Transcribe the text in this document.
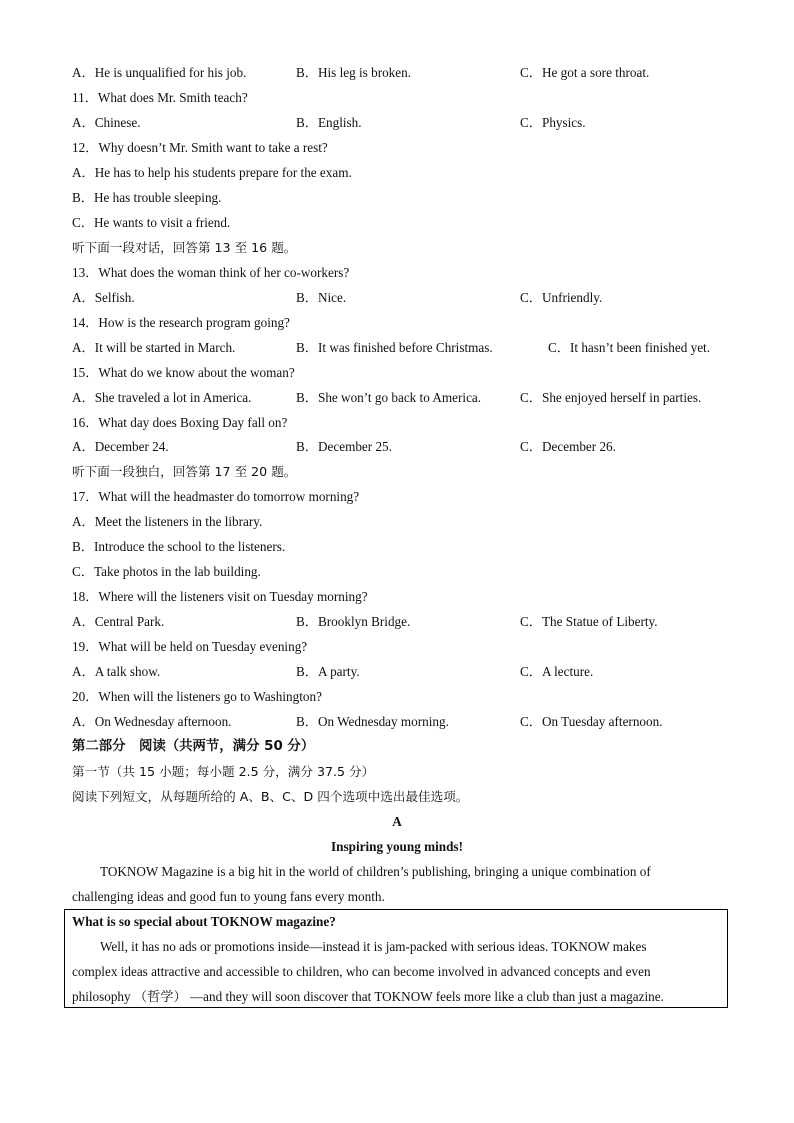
A．He is unqualified for his job.	B．His leg is broken.	C．He got a sore throat.
11．What does Mr. Smith teach?
A．Chinese.	B．English.	C．Physics.
12．Why doesn’t Mr. Smith want to take a rest?
A．He has to help his students prepare for the exam.
B．He has trouble sleeping.
C．He wants to visit a friend.
听下面一段对话，回答第 13 至 16 题。
13．What does the woman think of her co-workers?
A．Selfish.	B．Nice.	C．Unfriendly.
14．How is the research program going?
A．It will be started in March.	B．It was finished before Christmas.	C．It hasn’t been finished yet.
15．What do we know about the woman?
A．She traveled a lot in America.	B．She won’t go back to America.	C．She enjoyed herself in parties.
16．What day does Boxing Day fall on?
A．December 24.	B．December 25.	C．December 26.
听下面一段独白，回答第 17 至 20 题。
17．What will the headmaster do tomorrow morning?
A．Meet the listeners in the library.
B．Introduce the school to the listeners.
C．Take photos in the lab building.
18．Where will the listeners visit on Tuesday morning?
A．Central Park.	B．Brooklyn Bridge.	C．The Statue of Liberty.
19．What will be held on Tuesday evening?
A．A talk show.	B．A party.	C．A lecture.
20．When will the listeners go to Washington?
A．On Wednesday afternoon.	B．On Wednesday morning.	C．On Tuesday afternoon.
第二部分　阅读（共两节，满分 50 分）
第一节（共 15 小题；每小题 2.5 分，满分 37.5 分）
阅读下列短文，从每题所给的 A、B、C、D 四个选项中选出最佳选项。
A
Inspiring young minds!
TOKNOW Magazine is a big hit in the world of children’s publishing, bringing a unique combination of
challenging ideas and good fun to young fans every month.
What is so special about TOKNOW magazine?
Well, it has no ads or promotions inside—instead it is jam-packed with serious ideas. TOKNOW makes
complex ideas attractive and accessible to children, who can become involved in advanced concepts and even
philosophy （哲学） —and they will soon discover that TOKNOW feels more like a club than just a magazine.
